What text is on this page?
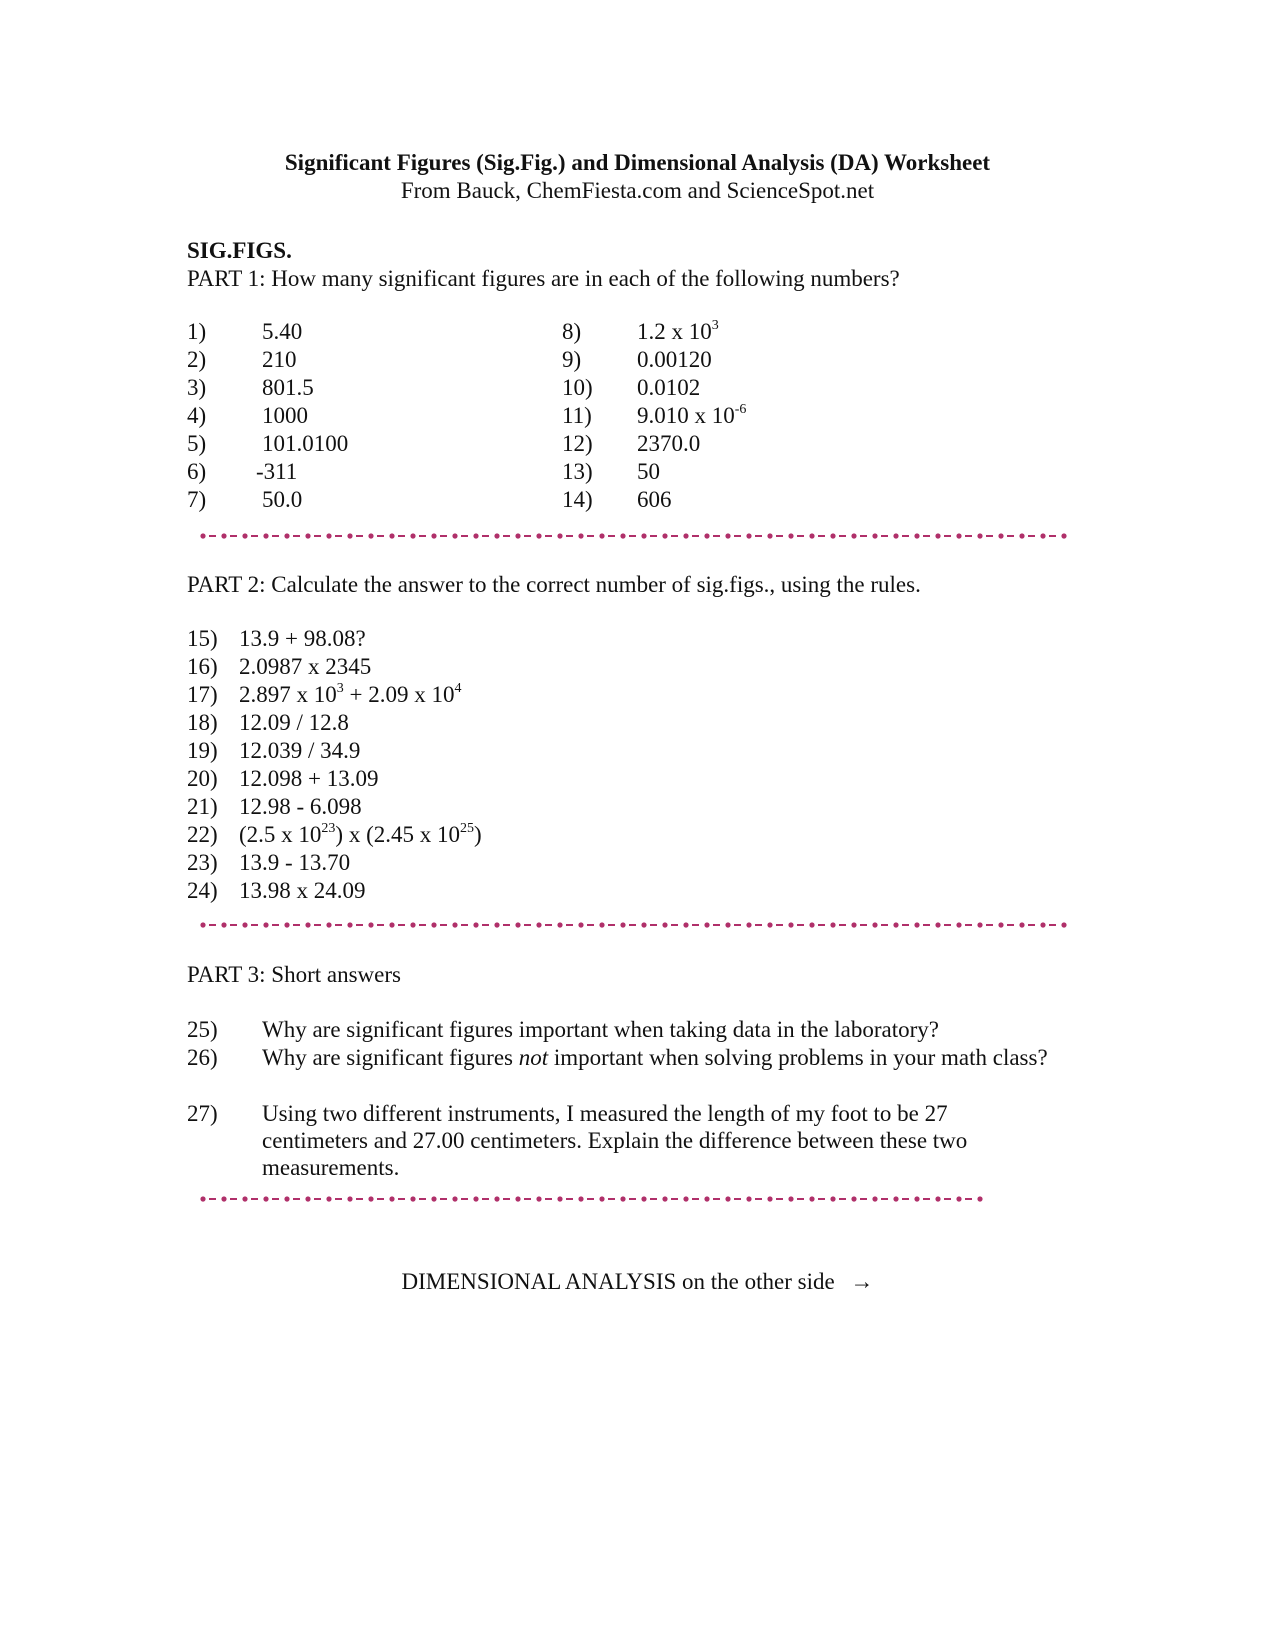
Significant Figures (Sig.Fig.) and Dimensional Analysis (DA) Worksheet
From Bauck, ChemFiesta.com and ScienceSpot.net
SIG.FIGS.
PART 1: How many significant figures are in each of the following numbers?
1) 5.40
2) 210
3) 801.5
4) 1000
5) 101.0100
6) -311
7) 50.0
8) 1.2 x $10^3$
9) 0.00120
10) 0.0102
11) 9.010 x $10^{-6}$
12) 2370.0
13) 50
14) 606
PART 2: Calculate the answer to the correct number of sig.figs., using the rules.
15) 13.9 + 98.08?
16) 2.0987 x 2345
17) 2.897 x $10^3 + 2.09$ x $10^4$
18) 12.09 / 12.8
19) 12.039 / 34.9
20) 12.098 + 13.09
21) 12.98 - 6.098
22) (2.5 x $10^{23}$) x (2.45 x $10^{25}$)
23) 13.9 - 13.70
24) 13.98 x 24.09
PART 3: Short answers
25) Why are significant figures important when taking data in the laboratory?
26) Why are significant figures not important when solving problems in your math class?
27) Using two different instruments, I measured the length of my foot to be 27 centimeters and 27.00 centimeters. Explain the difference between these two measurements.
DIMENSIONAL ANALYSIS on the other side →
